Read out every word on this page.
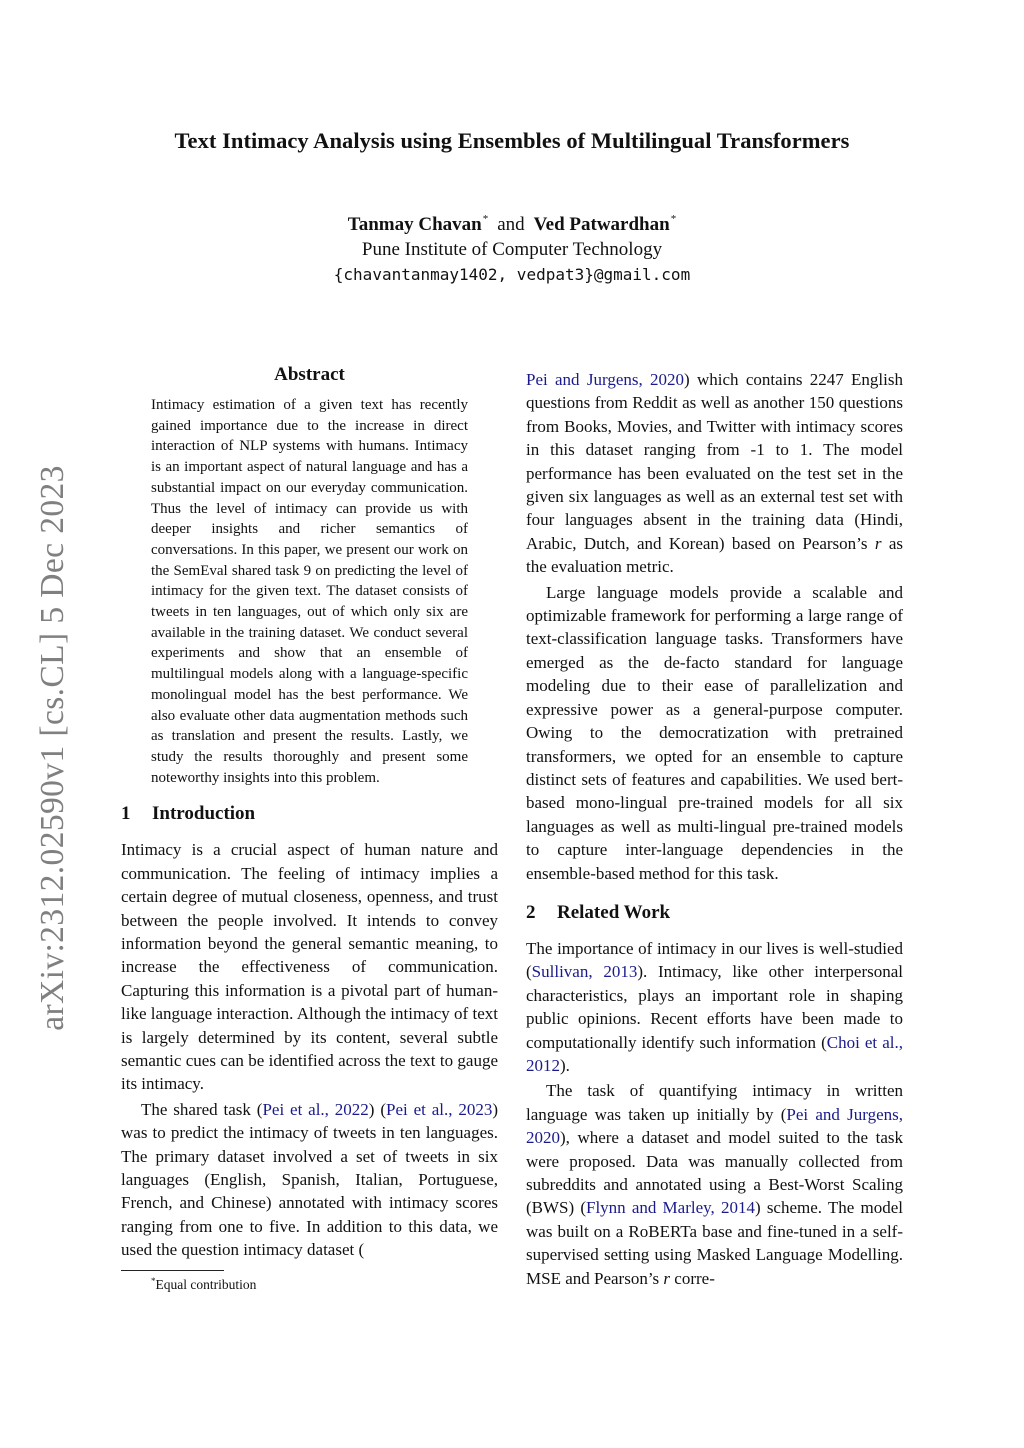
Text Intimacy Analysis using Ensembles of Multilingual Transformers
Tanmay Chavan* and Ved Patwardhan*
Pune Institute of Computer Technology
{chavantanmay1402, vedpat3}@gmail.com
arXiv:2312.02590v1 [cs.CL] 5 Dec 2023
Abstract

Intimacy estimation of a given text has recently gained importance due to the increase in direct interaction of NLP systems with humans. Intimacy is an important aspect of natural language and has a substantial impact on our everyday communication. Thus the level of intimacy can provide us with deeper insights and richer semantics of conversations. In this paper, we present our work on the SemEval shared task 9 on predicting the level of intimacy for the given text. The dataset consists of tweets in ten languages, out of which only six are available in the training dataset. We conduct several experiments and show that an ensemble of multilingual models along with a language-specific monolingual model has the best performance. We also evaluate other data augmentation methods such as translation and present the results. Lastly, we study the results thoroughly and present some noteworthy insights into this problem.

1 Introduction

Intimacy is a crucial aspect of human nature and communication. The feeling of intimacy implies a certain degree of mutual closeness, openness, and trust between the people involved. It intends to convey information beyond the general semantic meaning, to increase the effectiveness of communication. Capturing this information is a pivotal part of human-like language interaction. Although the intimacy of text is largely determined by its content, several subtle semantic cues can be identified across the text to gauge its intimacy.

The shared task (Pei et al., 2022) (Pei et al., 2023) was to predict the intimacy of tweets in ten languages. The primary dataset involved a set of tweets in six languages (English, Spanish, Italian, Portuguese, French, and Chinese) annotated with intimacy scores ranging from one to five. In addition to this data, we used the question intimacy dataset (

*Equal contribution

Pei and Jurgens, 2020) which contains 2247 English questions from Reddit as well as another 150 questions from Books, Movies, and Twitter with intimacy scores in this dataset ranging from -1 to 1. The model performance has been evaluated on the test set in the given six languages as well as an external test set with four languages absent in the training data (Hindi, Arabic, Dutch, and Korean) based on Pearson’s r as the evaluation metric.

Large language models provide a scalable and optimizable framework for performing a large range of text-classification language tasks. Transformers have emerged as the de-facto standard for language modeling due to their ease of parallelization and expressive power as a general-purpose computer. Owing to the democratization with pretrained transformers, we opted for an ensemble to capture distinct sets of features and capabilities. We used bert-based mono-lingual pre-trained models for all six languages as well as multi-lingual pre-trained models to capture inter-language dependencies in the ensemble-based method for this task.

2 Related Work

The importance of intimacy in our lives is well-studied (Sullivan, 2013). Intimacy, like other interpersonal characteristics, plays an important role in shaping public opinions. Recent efforts have been made to computationally identify such information (Choi et al., 2012).

The task of quantifying intimacy in written language was taken up initially by (Pei and Jurgens, 2020), where a dataset and model suited to the task were proposed. Data was manually collected from subreddits and annotated using a Best-Worst Scaling (BWS) (Flynn and Marley, 2014) scheme. The model was built on a RoBERTa base and fine-tuned in a self-supervised setting using Masked Language Modelling. MSE and Pearson’s r corre-
